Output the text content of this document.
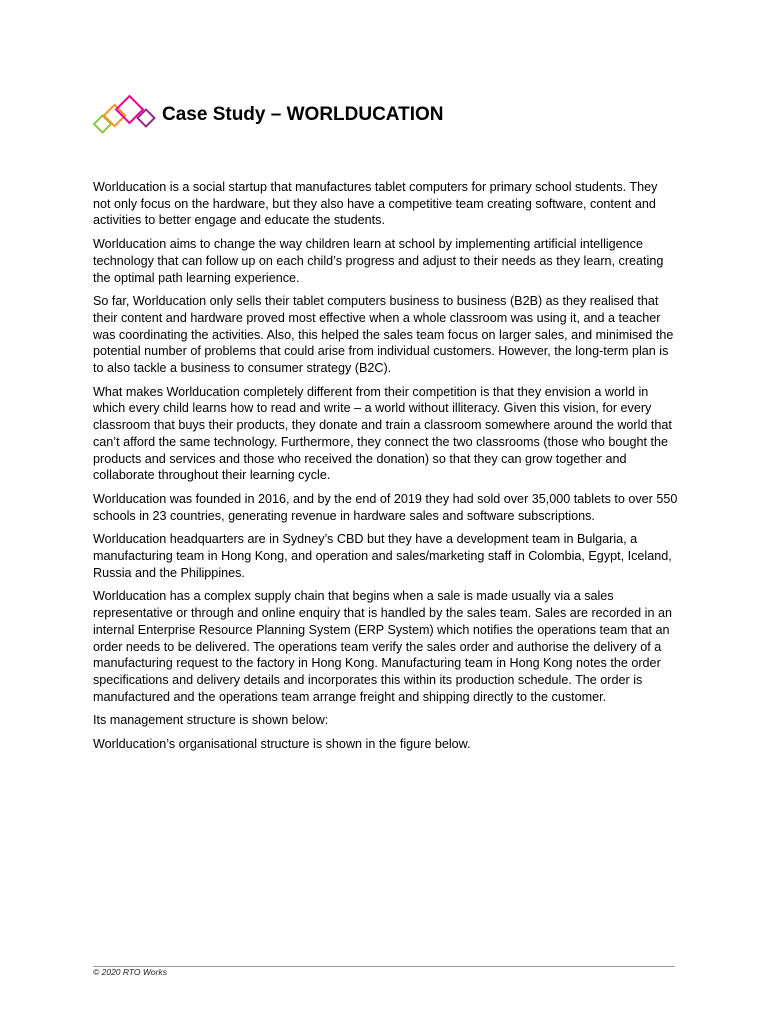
Case Study – WORLDUCATION

Worlducation is a social startup that manufactures tablet computers for primary school students. They not only focus on the hardware, but they also have a competitive team creating software, content and activities to better engage and educate the students.

Worlducation aims to change the way children learn at school by implementing artificial intelligence technology that can follow up on each child’s progress and adjust to their needs as they learn, creating the optimal path learning experience.

So far, Worlducation only sells their tablet computers business to business (B2B) as they realised that their content and hardware proved most effective when a whole classroom was using it, and a teacher was coordinating the activities. Also, this helped the sales team focus on larger sales, and minimised the potential number of problems that could arise from individual customers. However, the long-term plan is to also tackle a business to consumer strategy (B2C).

What makes Worlducation completely different from their competition is that they envision a world in which every child learns how to read and write – a world without illiteracy. Given this vision, for every classroom that buys their products, they donate and train a classroom somewhere around the world that can’t afford the same technology. Furthermore, they connect the two classrooms (those who bought the products and services and those who received the donation) so that they can grow together and collaborate throughout their learning cycle.

Worlducation was founded in 2016, and by the end of 2019 they had sold over 35,000 tablets to over 550 schools in 23 countries, generating revenue in hardware sales and software subscriptions.

Worlducation headquarters are in Sydney’s CBD but they have a development team in Bulgaria, a manufacturing team in Hong Kong, and operation and sales/marketing staff in Colombia, Egypt, Iceland, Russia and the Philippines.

Worlducation has a complex supply chain that begins when a sale is made usually via a sales representative or through and online enquiry that is handled by the sales team. Sales are recorded in an internal Enterprise Resource Planning System (ERP System) which notifies the operations team that an order needs to be delivered. The operations team verify the sales order and authorise the delivery of a manufacturing request to the factory in Hong Kong. Manufacturing team in Hong Kong notes the order specifications and delivery details and incorporates this within its production schedule. The order is manufactured and the operations team arrange freight and shipping directly to the customer.

Its management structure is shown below:

Worlducation’s organisational structure is shown in the figure below.

© 2020 RTO Works
